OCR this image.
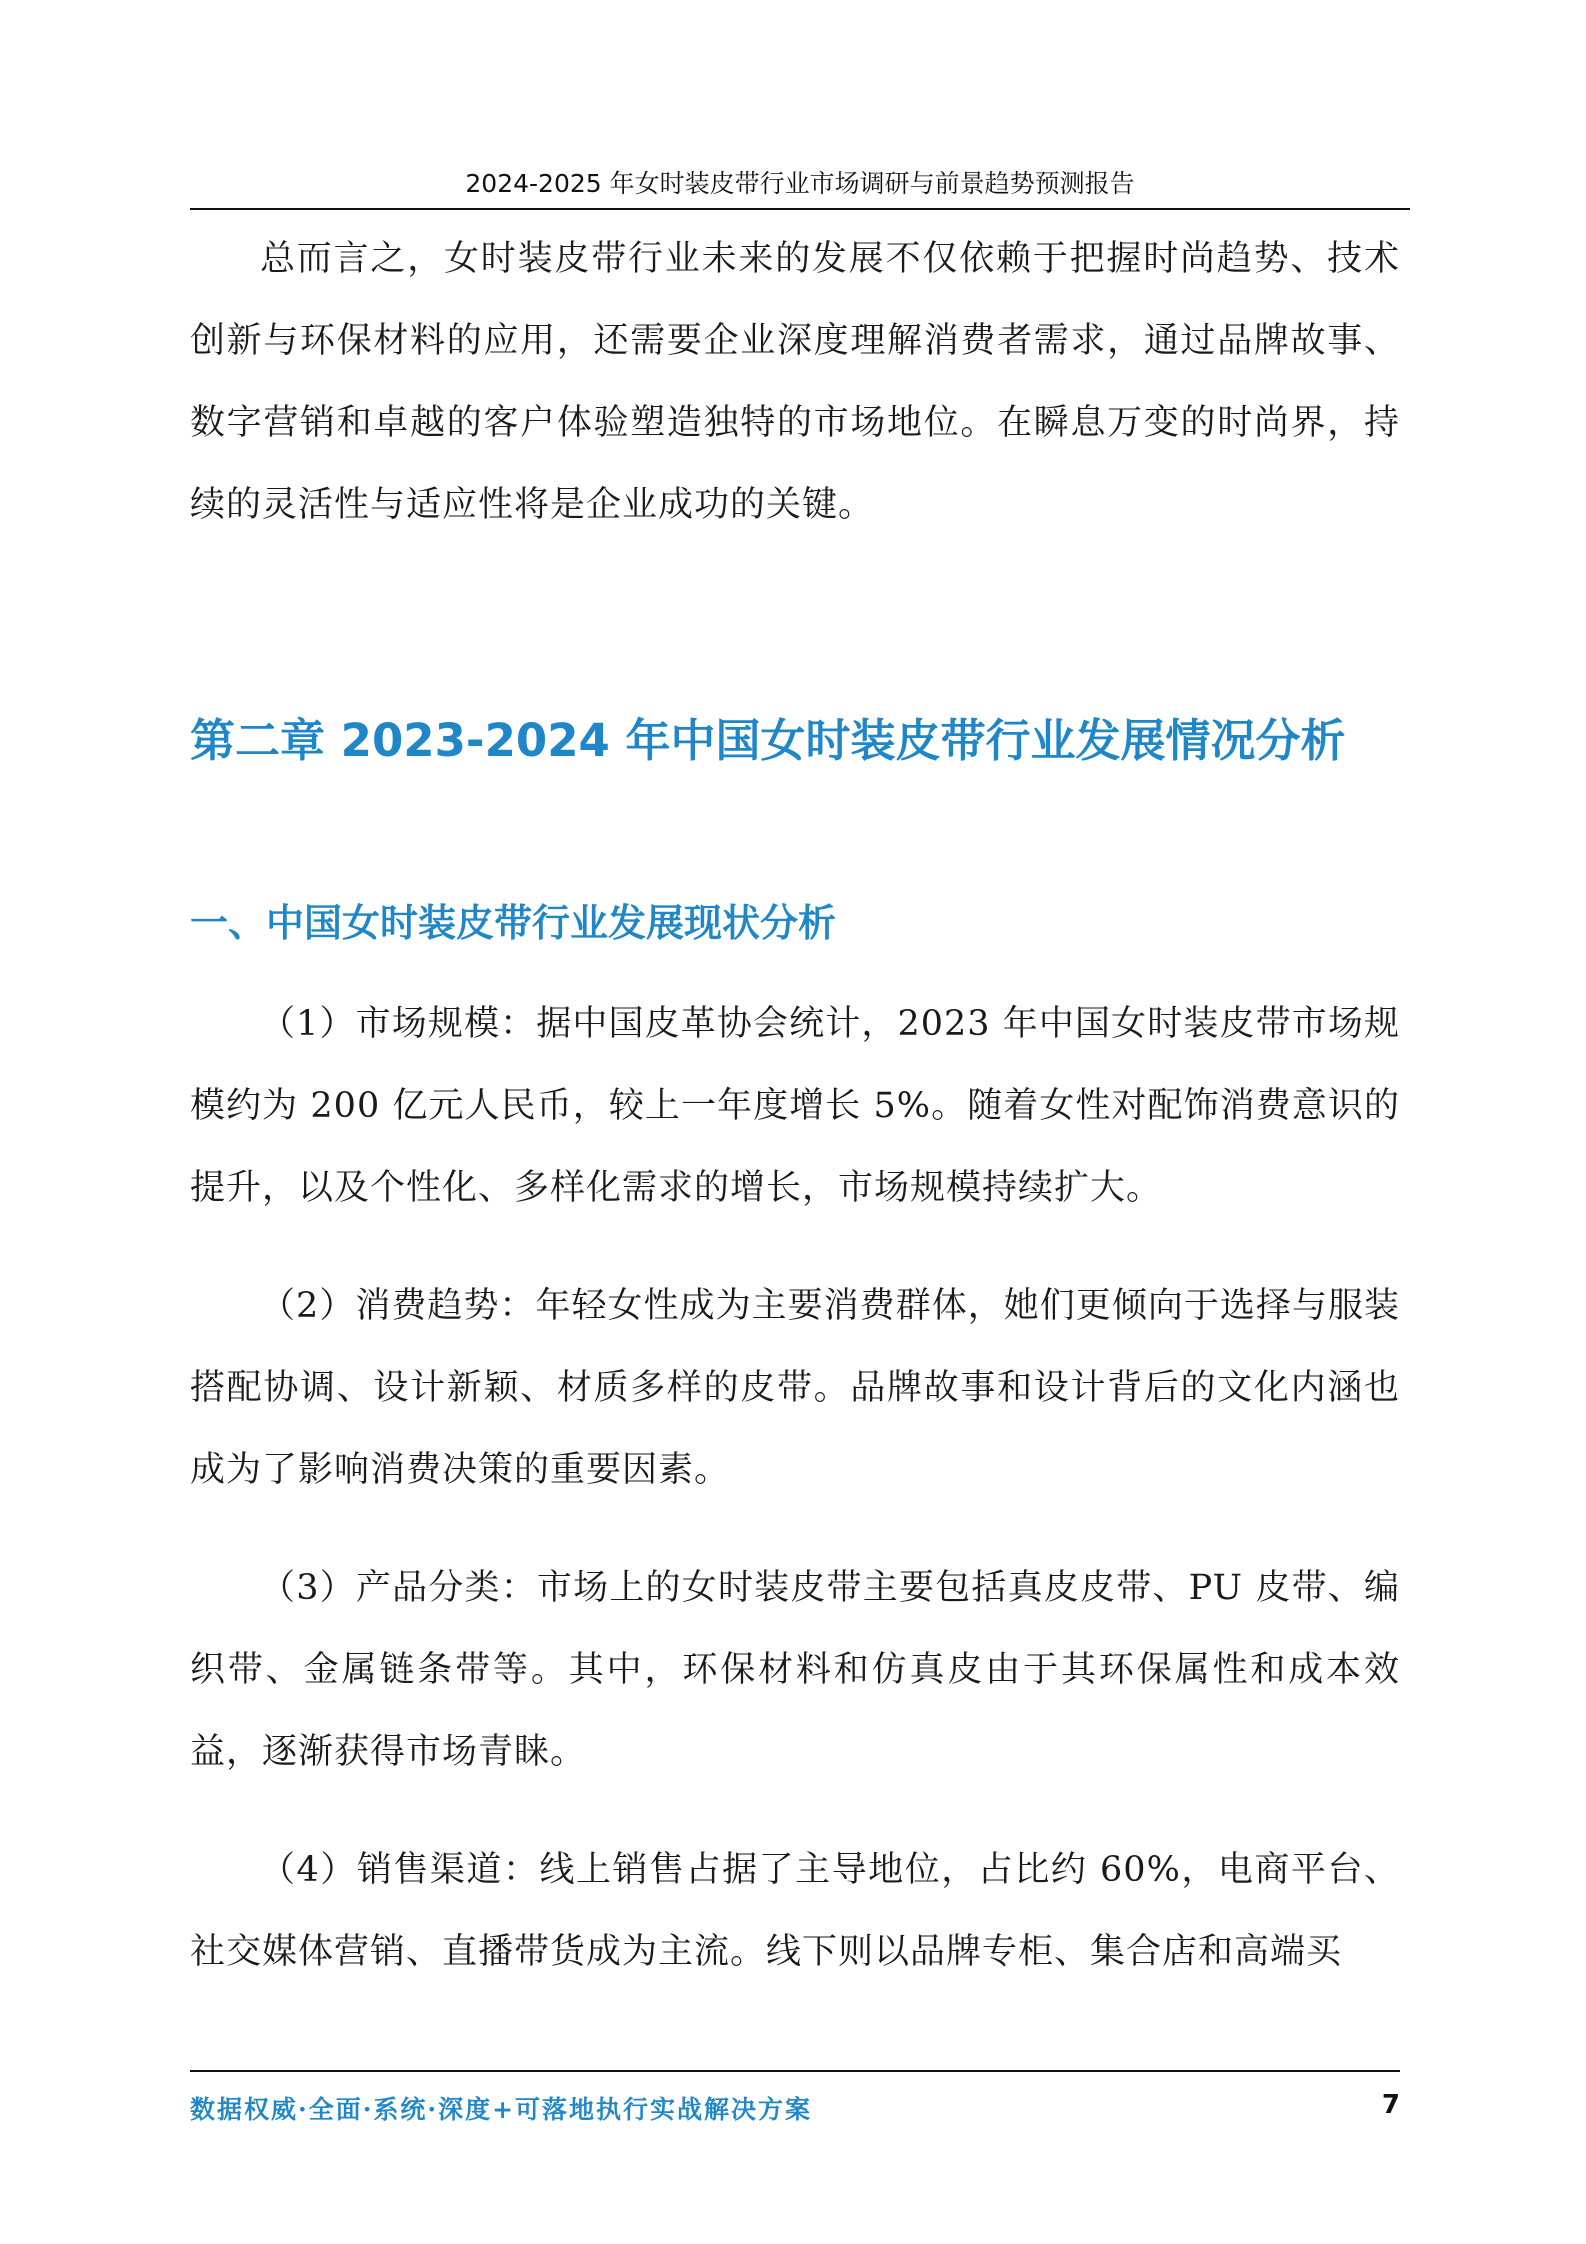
2024-2025 年女时装皮带行业市场调研与前景趋势预测报告

总而言之，女时装皮带行业未来的发展不仅依赖于把握时尚趋势、技术创新与环保材料的应用，还需要企业深度理解消费者需求，通过品牌故事、数字营销和卓越的客户体验塑造独特的市场地位。在瞬息万变的时尚界，持续的灵活性与适应性将是企业成功的关键。

第二章 2023-2024 年中国女时装皮带行业发展情况分析
一、中国女时装皮带行业发展现状分析

（1）市场规模：据中国皮革协会统计，2023 年中国女时装皮带市场规模约为 200 亿元人民币，较上一年度增长 5%。随着女性对配饰消费意识的提升，以及个性化、多样化需求的增长，市场规模持续扩大。

（2）消费趋势：年轻女性成为主要消费群体，她们更倾向于选择与服装搭配协调、设计新颖、材质多样的皮带。品牌故事和设计背后的文化内涵也成为了影响消费决策的重要因素。

（3）产品分类：市场上的女时装皮带主要包括真皮皮带、PU 皮带、编织带、金属链条带等。其中，环保材料和仿真皮由于其环保属性和成本效益，逐渐获得市场青睐。

（4）销售渠道：线上销售占据了主导地位，占比约 60%，电商平台、社交媒体营销、直播带货成为主流。线下则以品牌专柜、集合店和高端买

数据权威·全面·系统·深度+可落地执行实战解决方案	7
